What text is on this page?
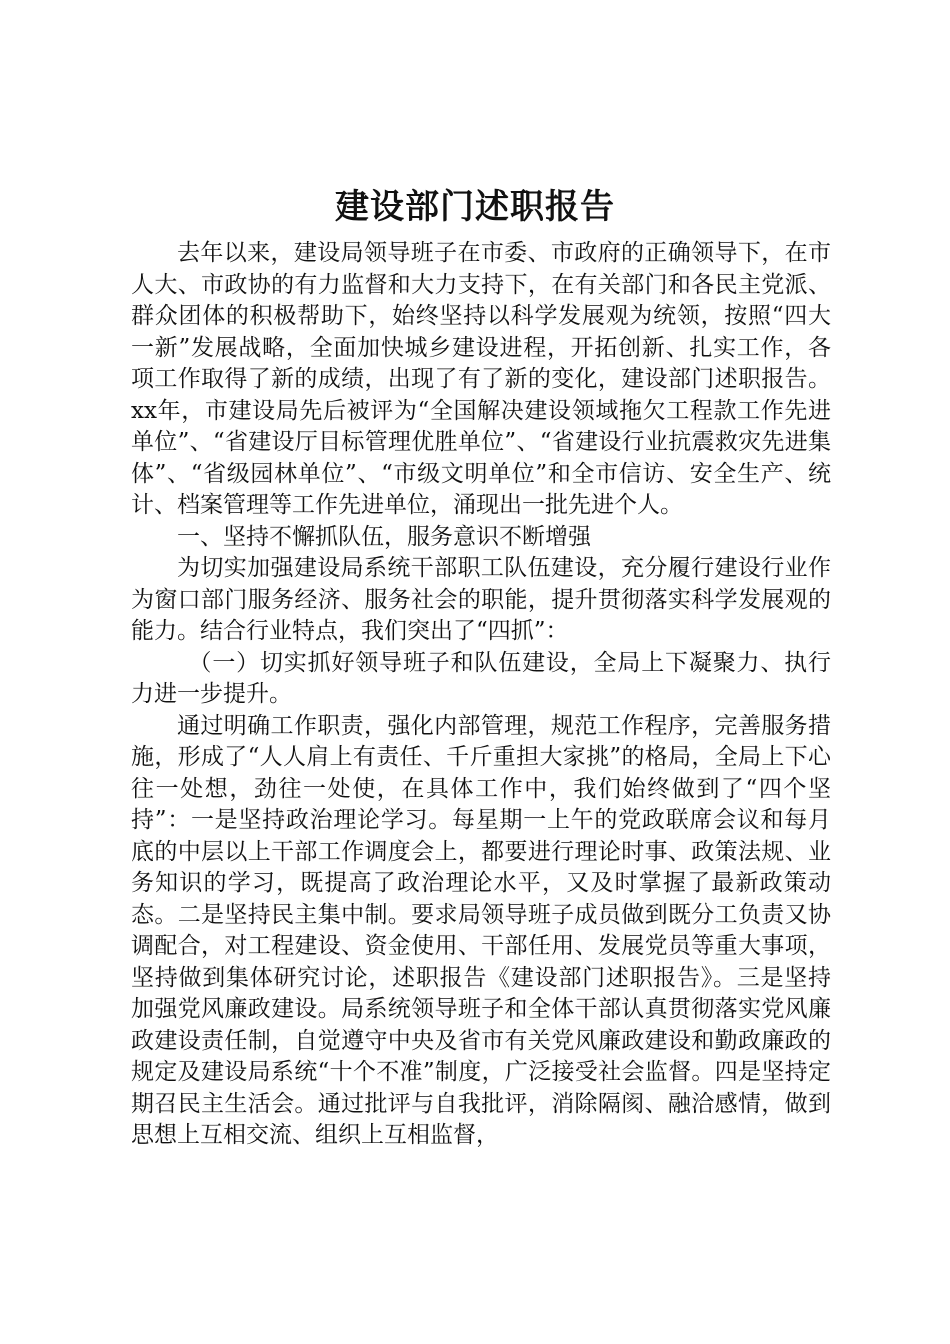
建设部门述职报告

去年以来，建设局领导班子在市委、市政府的正确领导下，在市人大、市政协的有力监督和大力支持下，在有关部门和各民主党派、群众团体的积极帮助下，始终坚持以科学发展观为统领，按照“四大一新”发展战略，全面加快城乡建设进程，开拓创新、扎实工作，各项工作取得了新的成绩，出现了有了新的变化，建设部门述职报告。xx年，市建设局先后被评为“全国解决建设领域拖欠工程款工作先进单位”、“省建设厅目标管理优胜单位”、“省建设行业抗震救灾先进集体”、“省级园林单位”、“市级文明单位”和全市信访、安全生产、统计、档案管理等工作先进单位，涌现出一批先进个人。

一、坚持不懈抓队伍，服务意识不断增强

为切实加强建设局系统干部职工队伍建设，充分履行建设行业作为窗口部门服务经济、服务社会的职能，提升贯彻落实科学发展观的能力。结合行业特点，我们突出了“四抓”：

（一）切实抓好领导班子和队伍建设，全局上下凝聚力、执行力进一步提升。

通过明确工作职责，强化内部管理，规范工作程序，完善服务措施，形成了“人人肩上有责任、千斤重担大家挑”的格局，全局上下心往一处想，劲往一处使，在具体工作中，我们始终做到了“四个坚持”：一是坚持政治理论学习。每星期一上午的党政联席会议和每月底的中层以上干部工作调度会上，都要进行理论时事、政策法规、业务知识的学习，既提高了政治理论水平，又及时掌握了最新政策动态。二是坚持民主集中制。要求局领导班子成员做到既分工负责又协调配合，对工程建设、资金使用、干部任用、发展党员等重大事项，坚持做到集体研究讨论，述职报告《建设部门述职报告》。三是坚持加强党风廉政建设。局系统领导班子和全体干部认真贯彻落实党风廉政建设责任制，自觉遵守中央及省市有关党风廉政建设和勤政廉政的规定及建设局系统“十个不准”制度，广泛接受社会监督。四是坚持定期召民主生活会。通过批评与自我批评，消除隔阂、融洽感情，做到思想上互相交流、组织上互相监督，
